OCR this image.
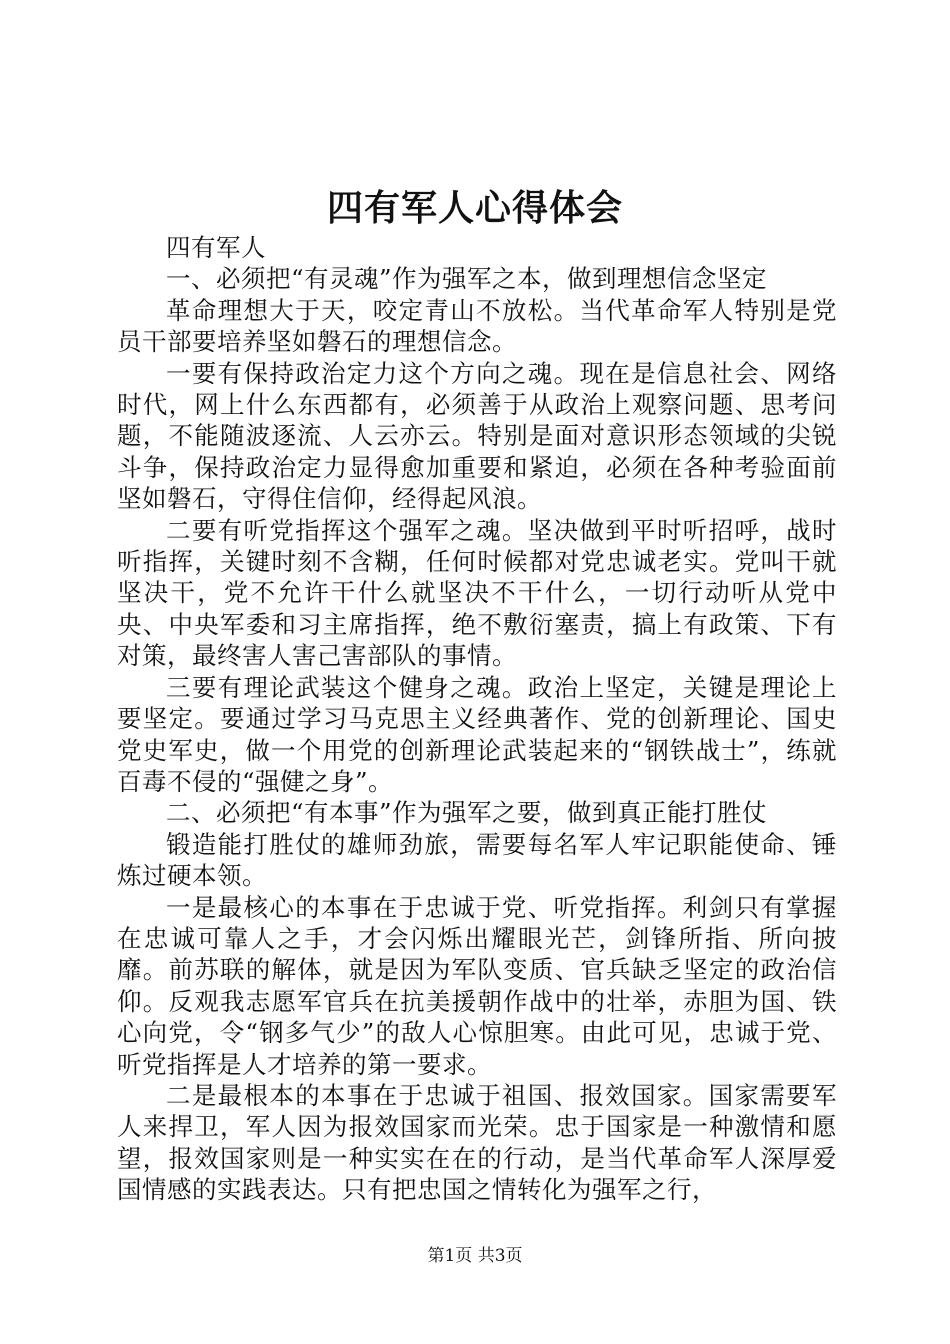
四有军人心得体会

四有军人

一、必须把“有灵魂”作为强军之本，做到理想信念坚定

革命理想大于天，咬定青山不放松。当代革命军人特别是党员干部要培养坚如磐石的理想信念。

一要有保持政治定力这个方向之魂。现在是信息社会、网络时代，网上什么东西都有，必须善于从政治上观察问题、思考问题，不能随波逐流、人云亦云。特别是面对意识形态领域的尖锐斗争，保持政治定力显得愈加重要和紧迫，必须在各种考验面前坚如磐石，守得住信仰，经得起风浪。

二要有听党指挥这个强军之魂。坚决做到平时听招呼，战时听指挥，关键时刻不含糊，任何时候都对党忠诚老实。党叫干就坚决干，党不允许干什么就坚决不干什么，一切行动听从党中央、中央军委和习主席指挥，绝不敷衍塞责，搞上有政策、下有对策，最终害人害己害部队的事情。

三要有理论武装这个健身之魂。政治上坚定，关键是理论上要坚定。要通过学习马克思主义经典著作、党的创新理论、国史党史军史，做一个用党的创新理论武装起来的“钢铁战士”，练就百毒不侵的“强健之身”。

二、必须把“有本事”作为强军之要，做到真正能打胜仗

锻造能打胜仗的雄师劲旅，需要每名军人牢记职能使命、锤炼过硬本领。

一是最核心的本事在于忠诚于党、听党指挥。利剑只有掌握在忠诚可靠人之手，才会闪烁出耀眼光芒，剑锋所指、所向披靡。前苏联的解体，就是因为军队变质、官兵缺乏坚定的政治信仰。反观我志愿军官兵在抗美援朝作战中的壮举，赤胆为国、铁心向党，令“钢多气少”的敌人心惊胆寒。由此可见，忠诚于党、听党指挥是人才培养的第一要求。

二是最根本的本事在于忠诚于祖国、报效国家。国家需要军人来捍卫，军人因为报效国家而光荣。忠于国家是一种激情和愿望，报效国家则是一种实实在在的行动，是当代革命军人深厚爱国情感的实践表达。只有把忠国之情转化为强军之行，

第1页 共3页
